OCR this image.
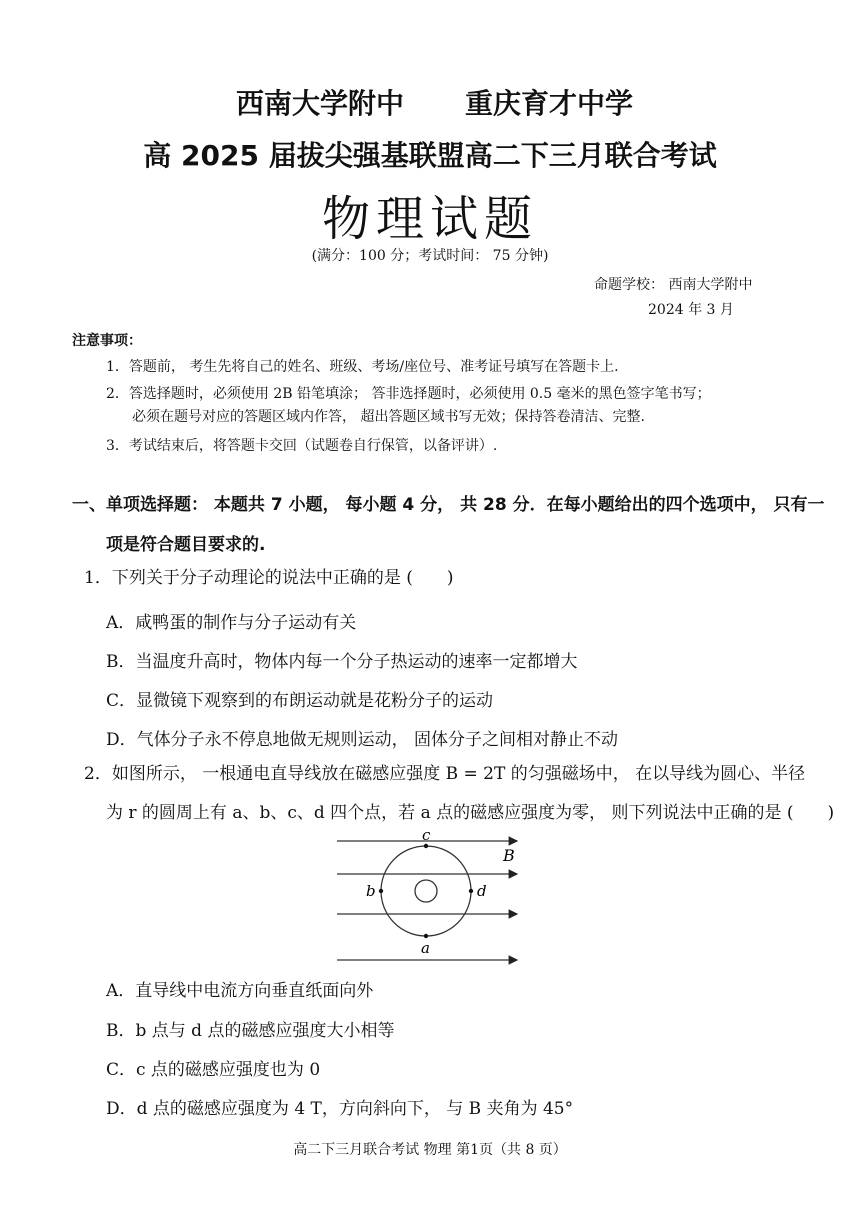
西南大学附中 重庆育才中学
高 2025 届拔尖强基联盟高二下三月联合考试
物理试题
(满分：100 分；考试时间： 75 分钟)
命题学校： 西南大学附中
2024 年 3 月
注意事项：
1．答题前， 考生先将自己的姓名、班级、考场/座位号、准考证号填写在答题卡上.
2．答选择题时，必须使用 2B 铅笔填涂； 答非选择题时，必须使用 0.5 毫米的黑色签字笔书写；
必须在题号对应的答题区域内作答， 超出答题区域书写无效；保持答卷清洁、完整.
3．考试结束后，将答题卡交回（试题卷自行保管，以备评讲）.
一、单项选择题： 本题共 7 小题， 每小题 4 分， 共 28 分．在每小题给出的四个选项中， 只有一
项是符合题目要求的.
1．下列关于分子动理论的说法中正确的是 (　　)
A．咸鸭蛋的制作与分子运动有关
B．当温度升高时，物体内每一个分子热运动的速率一定都增大
C．显微镜下观察到的布朗运动就是花粉分子的运动
D．气体分子永不停息地做无规则运动， 固体分子之间相对静止不动
2．如图所示， 一根通电直导线放在磁感应强度 B = 2T 的匀强磁场中， 在以导线为圆心、半径
为 r 的圆周上有 a、b、c、d 四个点，若 a 点的磁感应强度为零， 则下列说法中正确的是 (　　)
c
a
b	d
B
A．直导线中电流方向垂直纸面向外
B．b 点与 d 点的磁感应强度大小相等
C．c 点的磁感应强度也为 0
D．d 点的磁感应强度为 4 T，方向斜向下， 与 B 夹角为 45°
高二下三月联合考试 物理 第1页（共 8 页）
